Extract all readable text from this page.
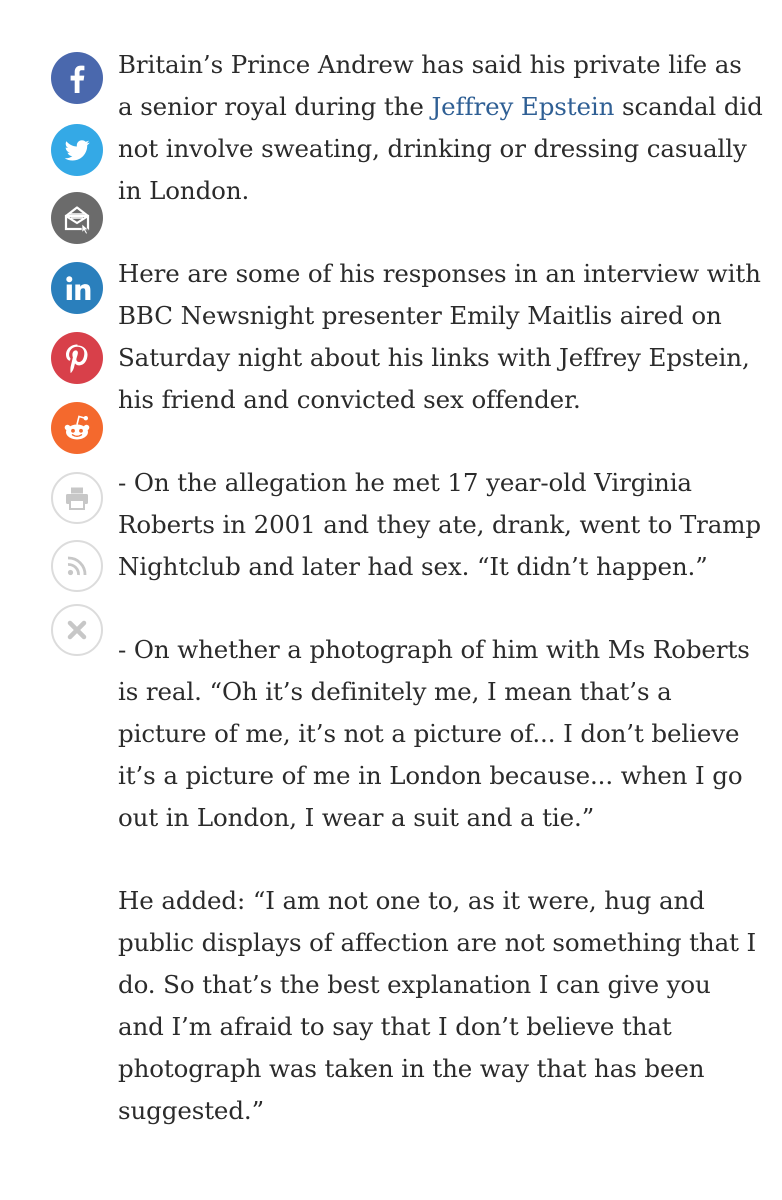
Britain’s Prince Andrew has said his private life as a senior royal during the Jeffrey Epstein scandal did not involve sweating, drinking or dressing casually in London.

Here are some of his responses in an interview with BBC Newsnight presenter Emily Maitlis aired on Saturday night about his links with Jeffrey Epstein, his friend and convicted sex offender.

- On the allegation he met 17 year-old Virginia Roberts in 2001 and they ate, drank, went to Tramp Nightclub and later had sex. “It didn’t happen.”

- On whether a photograph of him with Ms Roberts is real. “Oh it’s definitely me, I mean that’s a picture of me, it’s not a picture of... I don’t believe it’s a picture of me in London because... when I go out in London, I wear a suit and a tie.”

He added: “I am not one to, as it were, hug and public displays of affection are not something that I do. So that’s the best explanation I can give you and I’m afraid to say that I don’t believe that photograph was taken in the way that has been suggested.”
